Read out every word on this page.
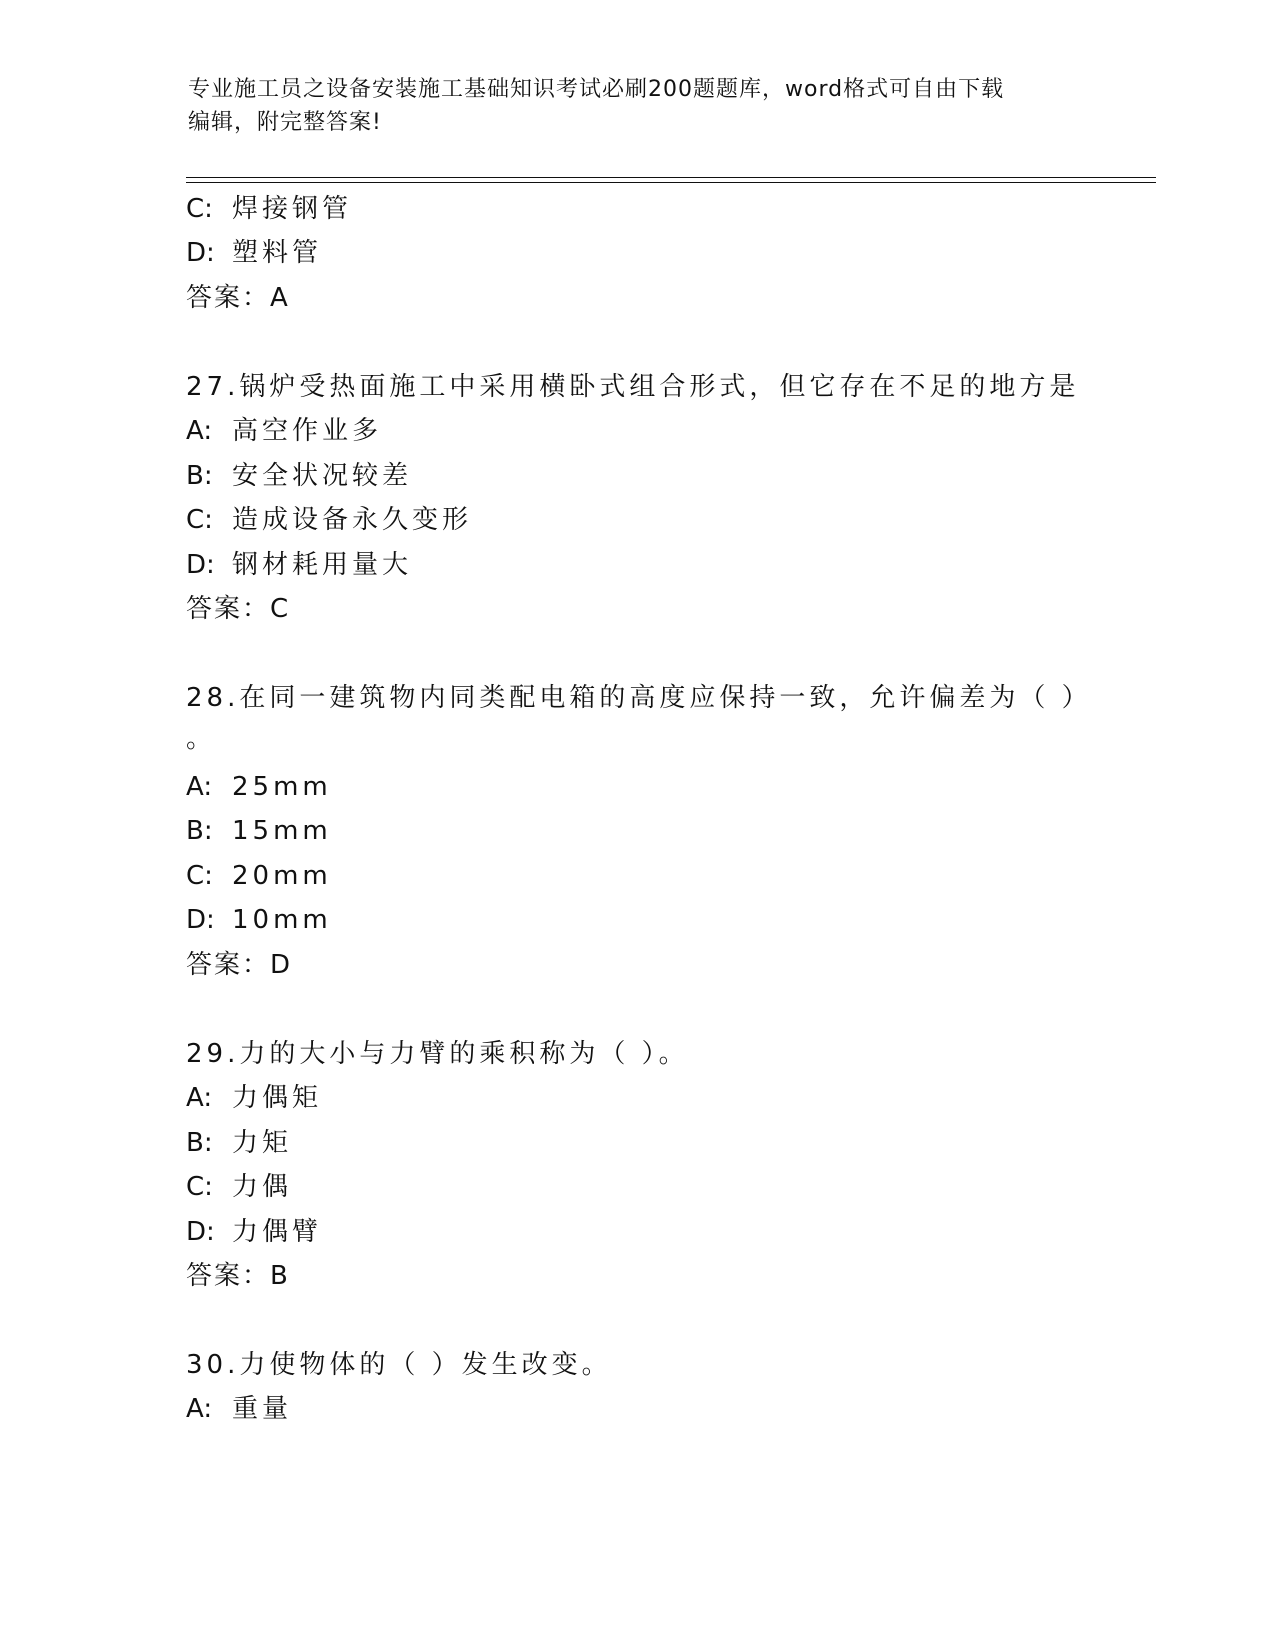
专业施工员之设备安装施工基础知识考试必刷200题题库，word格式可自由下载
编辑，附完整答案!
C: 焊接钢管
D: 塑料管
答案：A
27.锅炉受热面施工中采用横卧式组合形式，但它存在不足的地方是
A: 高空作业多
B: 安全状况较差
C: 造成设备永久变形
D: 钢材耗用量大
答案：C
28.在同一建筑物内同类配电箱的高度应保持一致，允许偏差为（ ）
。
A: 25mm
B: 15mm
C: 20mm
D: 10mm
答案：D
29.力的大小与力臂的乘积称为（ ）。
A: 力偶矩
B: 力矩
C: 力偶
D: 力偶臂
答案：B
30.力使物体的（ ）发生改变。
A: 重量
